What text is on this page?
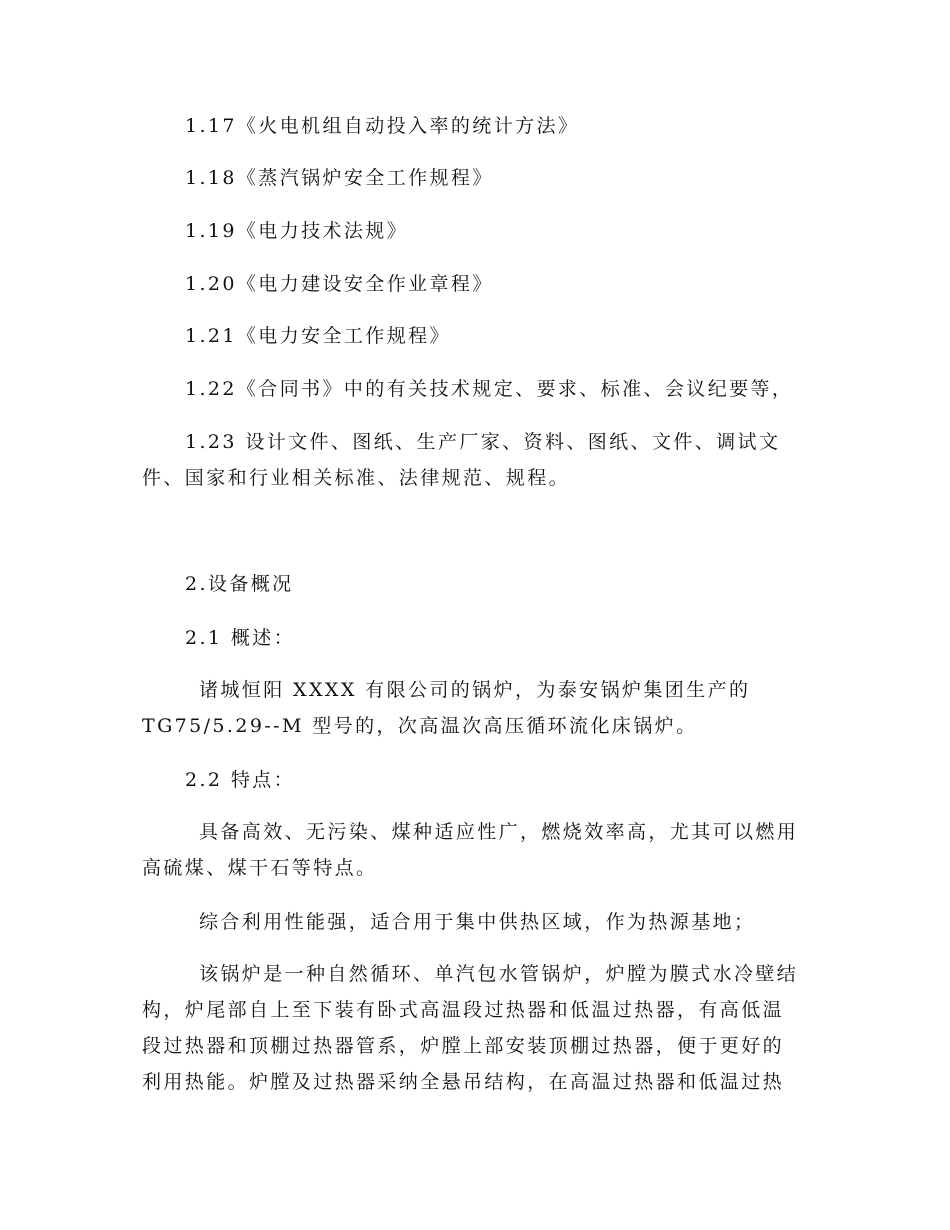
1.17《火电机组自动投入率的统计方法》
1.18《蒸汽锅炉安全工作规程》
1.19《电力技术法规》
1.20《电力建设安全作业章程》
1.21《电力安全工作规程》
1.22《合同书》中的有关技术规定、要求、标准、会议纪要等，
1.23 设计文件、图纸、生产厂家、资料、图纸、文件、调试文
件、国家和行业相关标准、法律规范、规程。
2.设备概况
2.1 概述：
诸城恒阳 XXXX 有限公司的锅炉，为泰安锅炉集团生产的
TG75/5.29--M 型号的，次高温次高压循环流化床锅炉。
2.2 特点：
具备高效、无污染、煤种适应性广，燃烧效率高，尤其可以燃用
高硫煤、煤干石等特点。
综合利用性能强，适合用于集中供热区域，作为热源基地；
该锅炉是一种自然循环、单汽包水管锅炉，炉膛为膜式水冷壁结
构，炉尾部自上至下装有卧式高温段过热器和低温过热器，有高低温
段过热器和顶棚过热器管系，炉膛上部安装顶棚过热器，便于更好的
利用热能。炉膛及过热器采纳全悬吊结构，在高温过热器和低温过热
